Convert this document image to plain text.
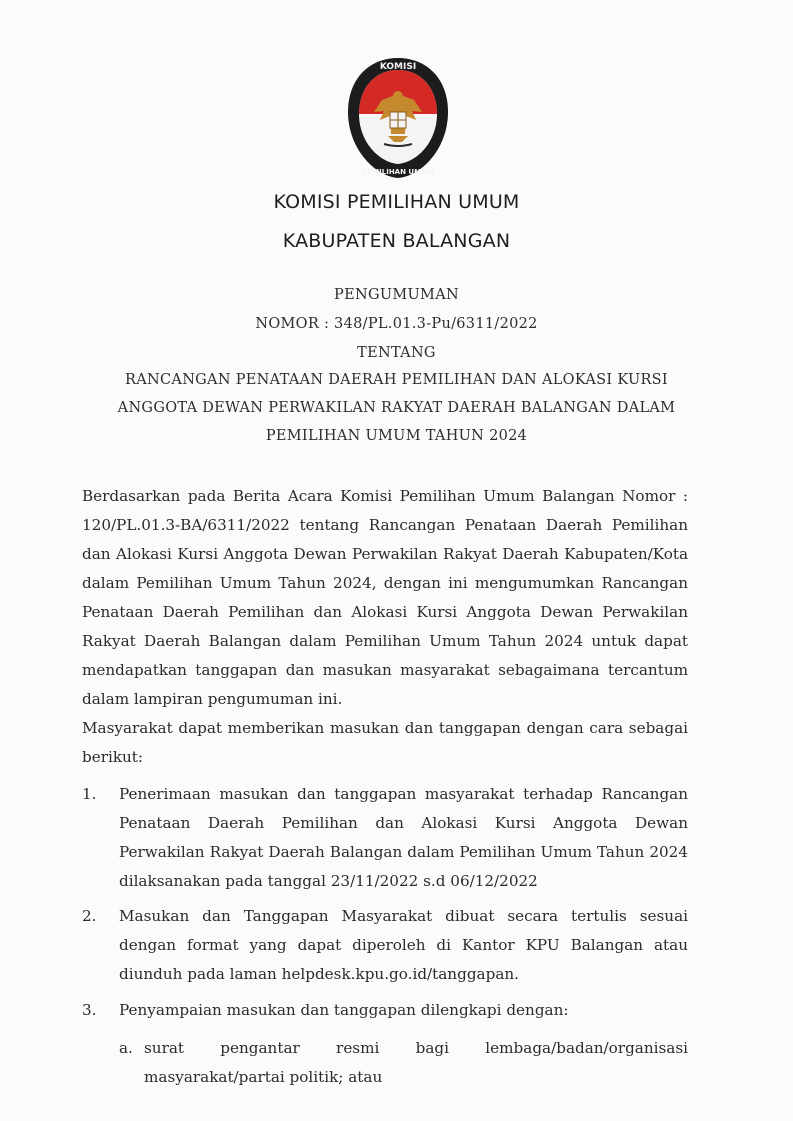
KOMISI
PEMILIHAN UMUM
KOMISI PEMILIHAN UMUM
KABUPATEN BALANGAN
PENGUMUMAN
NOMOR : 348/PL.01.3-Pu/6311/2022
TENTANG
RANCANGAN PENATAAN DAERAH PEMILIHAN DAN ALOKASI KURSI
ANGGOTA DEWAN PERWAKILAN RAKYAT DAERAH BALANGAN DALAM
PEMILIHAN UMUM TAHUN 2024
Berdasarkan pada Berita Acara Komisi Pemilihan Umum Balangan Nomor : 120/PL.01.3-BA/6311/2022 tentang Rancangan Penataan Daerah Pemilihan dan Alokasi Kursi Anggota Dewan Perwakilan Rakyat Daerah Kabupaten/Kota dalam Pemilihan Umum Tahun 2024, dengan ini mengumumkan Rancangan Penataan Daerah Pemilihan dan Alokasi Kursi Anggota Dewan Perwakilan Rakyat Daerah Balangan dalam Pemilihan Umum Tahun 2024 untuk dapat mendapatkan tanggapan dan masukan masyarakat sebagaimana tercantum dalam lampiran pengumuman ini.
Masyarakat dapat memberikan masukan dan tanggapan dengan cara sebagai berikut:
1. Penerimaan masukan dan tanggapan masyarakat terhadap Rancangan Penataan Daerah Pemilihan dan Alokasi Kursi Anggota Dewan Perwakilan Rakyat Daerah Balangan dalam Pemilihan Umum Tahun 2024 dilaksanakan pada tanggal 23/11/2022 s.d 06/12/2022
2. Masukan dan Tanggapan Masyarakat dibuat secara tertulis sesuai dengan format yang dapat diperoleh di Kantor KPU Balangan atau diunduh pada laman helpdesk.kpu.go.id/tanggapan.
3. Penyampaian masukan dan tanggapan dilengkapi dengan:
a. surat pengantar resmi bagi lembaga/badan/organisasi masyarakat/partai politik; atau
